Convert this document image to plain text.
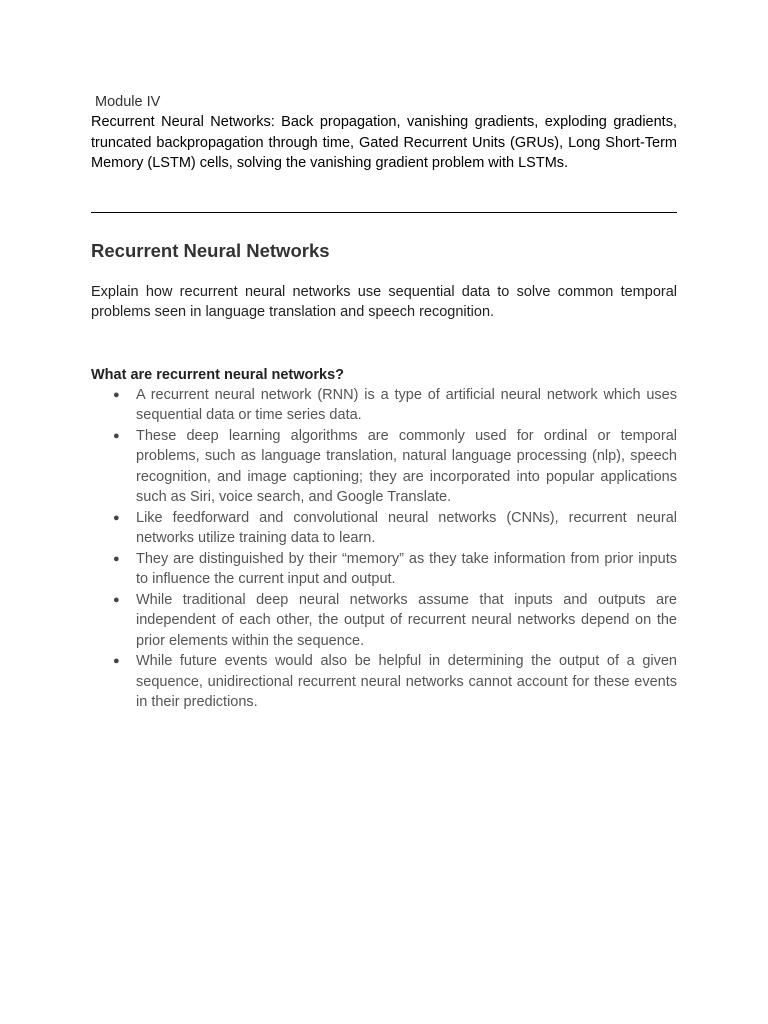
Module IV

Recurrent Neural Networks: Back propagation, vanishing gradients, exploding gradients, truncated backpropagation through time, Gated Recurrent Units (GRUs), Long Short-Term Memory (LSTM) cells, solving the vanishing gradient problem with LSTMs.

Recurrent Neural Networks

Explain how recurrent neural networks use sequential data to solve common temporal problems seen in language translation and speech recognition.

What are recurrent neural networks?

● A recurrent neural network (RNN) is a type of artificial neural network which uses sequential data or time series data.
● These deep learning algorithms are commonly used for ordinal or temporal problems, such as language translation, natural language processing (nlp), speech recognition, and image captioning; they are incorporated into popular applications such as Siri, voice search, and Google Translate.
● Like feedforward and convolutional neural networks (CNNs), recurrent neural networks utilize training data to learn.
● They are distinguished by their “memory” as they take information from prior inputs to influence the current input and output.
● While traditional deep neural networks assume that inputs and outputs are independent of each other, the output of recurrent neural networks depend on the prior elements within the sequence.
● While future events would also be helpful in determining the output of a given sequence, unidirectional recurrent neural networks cannot account for these events in their predictions.
